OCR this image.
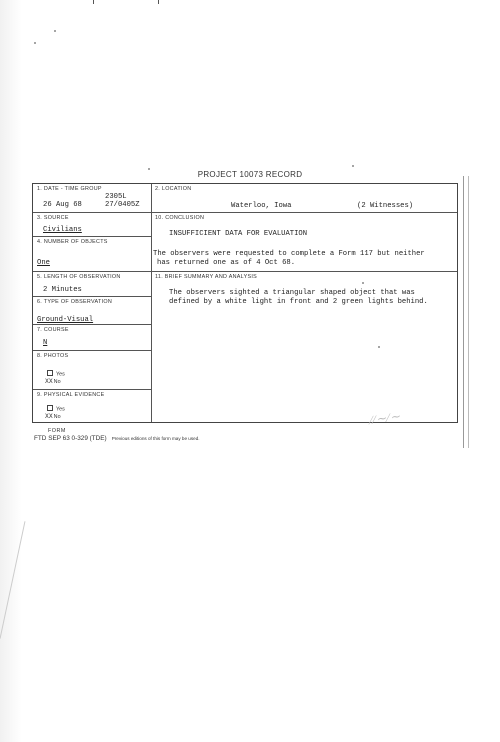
PROJECT 10073 RECORD
1. DATE - TIME GROUP
2305L
26 Aug 68	27/0405Z
2. LOCATION
Waterloo, Iowa	(2 Witnesses)
3. SOURCE
Civilians
4. NUMBER OF OBJECTS
One
10. CONCLUSION
INSUFFICIENT DATA FOR EVALUATION
The observers were requested to complete a Form 117 but neither
has returned one as of 4 Oct 68.
5. LENGTH OF OBSERVATION
2 Minutes
11. BRIEF SUMMARY AND ANALYSIS
The observers sighted a triangular shaped object that was
defined by a white light in front and 2 green lights behind.
6. TYPE OF OBSERVATION
Ground-Visual
7. COURSE
N
8. PHOTOS
Yes
XXNo
9. PHYSICAL EVIDENCE
Yes
XXNo	∕∕∼∕∼
FORM
FTD SEP 63 0-329 (TDE) Previous editions of this form may be used.
